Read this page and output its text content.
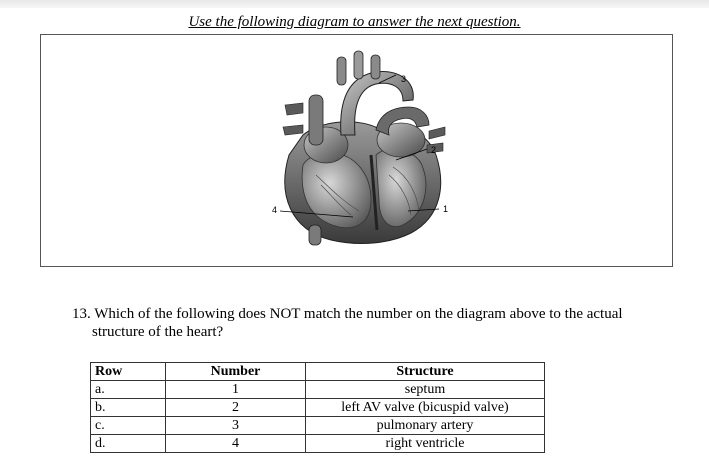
Use the following diagram to answer the next question.
3
2
1
4
13. Which of the following does NOT match the number on the diagram above to the actual
structure of the heart?
Row	Number	Structure
a.	1	septum
b.	2	left AV valve (bicuspid valve)
c.	3	pulmonary artery
d.	4	right ventricle
